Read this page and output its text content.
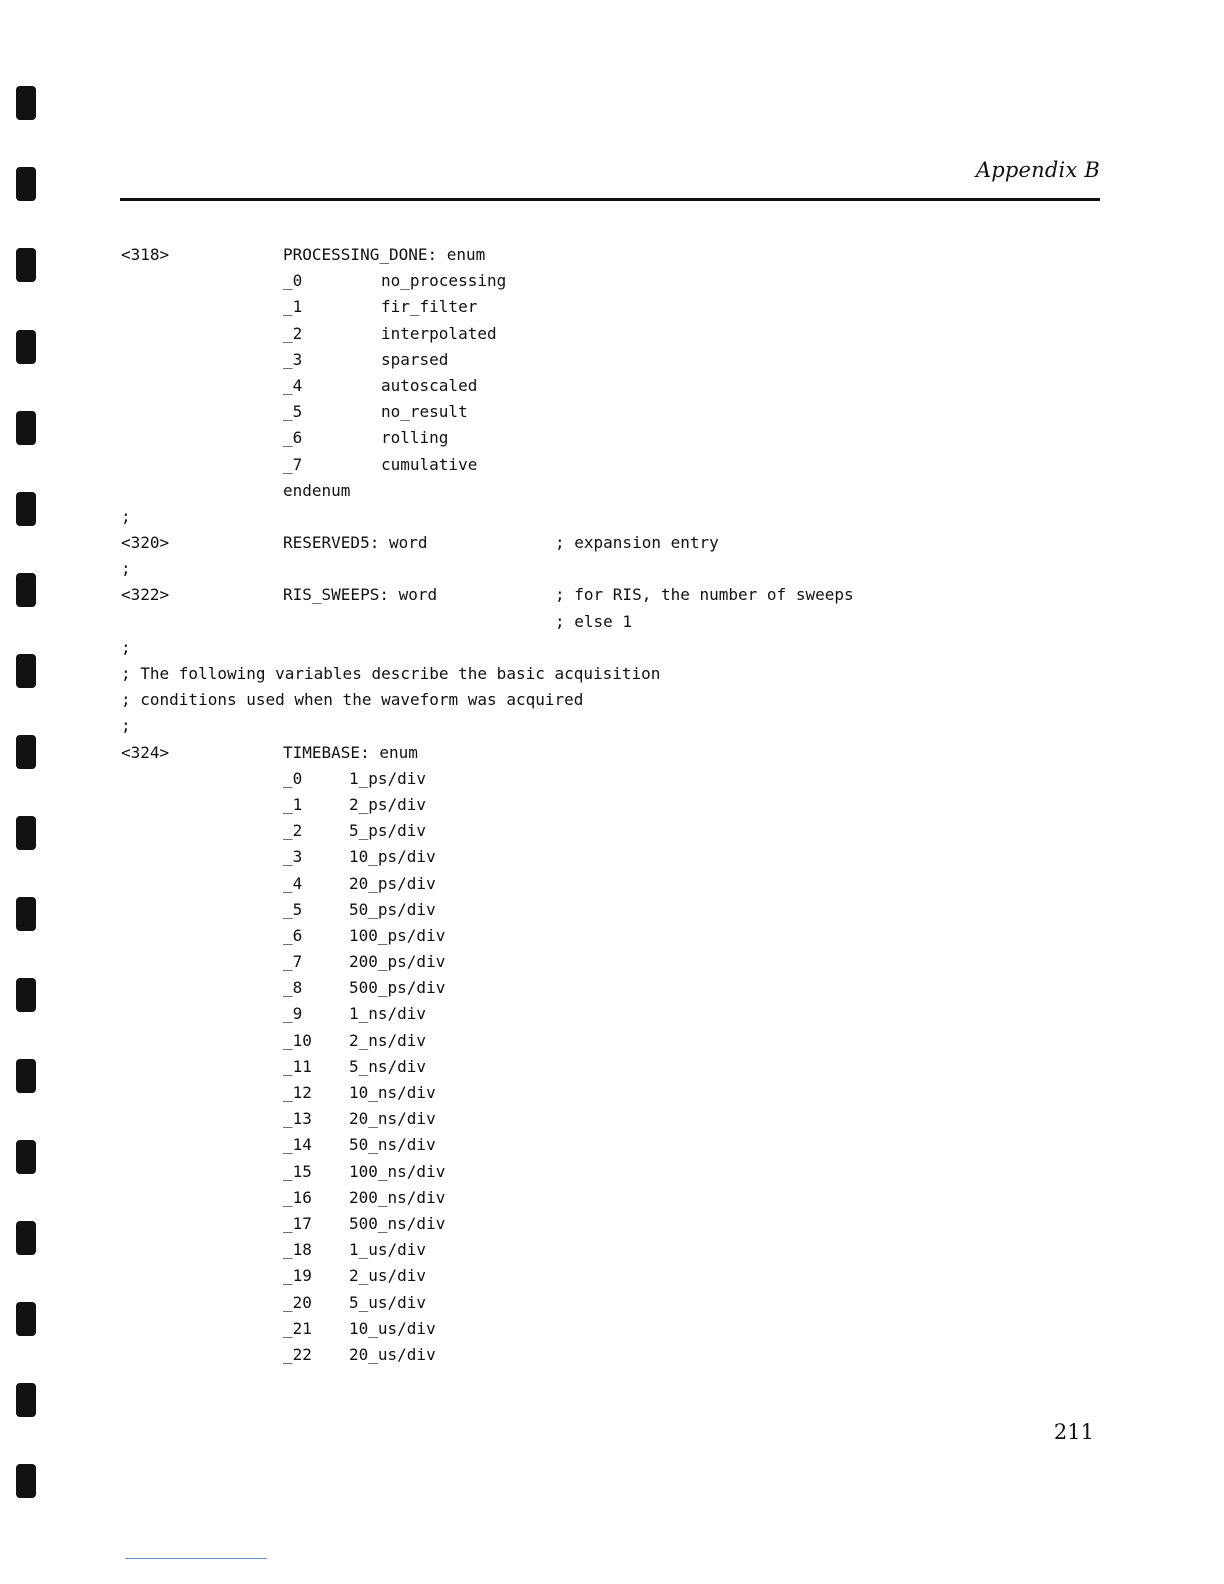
Appendix B

<318>

	PROCESSING_DONE: enum

_0	no_processing
_1	fir_filter
_2	interpolated
_3	sparsed
_4	autoscaled
_5	no_result
_6	rolling
_7	cumulative

endenum

;

<320>

	RESERVED5: word

	; expansion entry

;

<322>

	RIS_SWEEPS: word

	; for RIS, the number of sweeps

; else 1

;

; The following variables describe the basic acquisition

; conditions used when the waveform was acquired

;

<324>

	TIMEBASE: enum

_0	1_ps/div
_1	2_ps/div
_2	5_ps/div
_3	10_ps/div
_4	20_ps/div
_5	50_ps/div
_6	100_ps/div
_7	200_ps/div
_8	500_ps/div
_9	1_ns/div
_10 2_ns/div
_11 5_ns/div
_12 10_ns/div
_13 20_ns/div
_14 50_ns/div
_15 100_ns/div
_16 200_ns/div
_17 500_ns/div
_18 1_us/div
_19 2_us/div
_20 5_us/div
_21 10_us/div
_22 20_us/div
211
